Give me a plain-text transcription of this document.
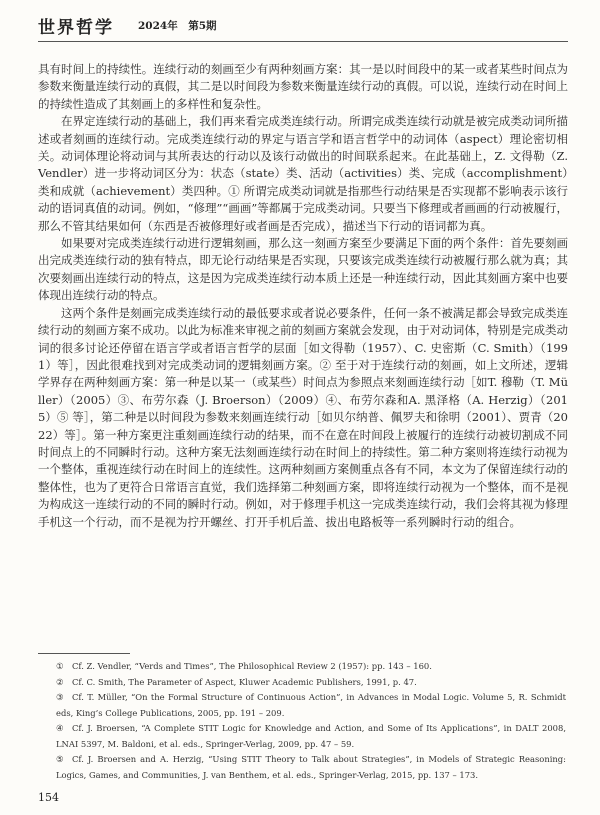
世界哲学 2024年　第5期

具有时间上的持续性。连续行动的刻画至少有两种刻画方案：其一是以时间段中的某一或者某些时间点为参数来衡量连续行动的真假，其二是以时间段为参数来衡量连续行动的真假。可以说，连续行动在时间上的持续性造成了其刻画上的多样性和复杂性。

在界定连续行动的基础上，我们再来看完成类连续行动。所谓完成类连续行动就是被完成类动词所描述或者刻画的连续行动。完成类连续行动的界定与语言学和语言哲学中的动词体（aspect）理论密切相关。动词体理论将动词与其所表达的行动以及该行动做出的时间联系起来。在此基础上，Z. 文得勒（Z. Vendler）进一步将动词区分为：状态（state）类、活动（activities）类、完成（accomplishment）类和成就（achievement）类四种。① 所谓完成类动词就是指那些行动结果是否实现都不影响表示该行动的语词真值的动词。例如，“修理”“画画”等都属于完成类动词。只要当下修理或者画画的行动被履行，那么不管其结果如何（东西是否被修理好或者画是否完成），描述当下行动的语词都为真。

如果要对完成类连续行动进行逻辑刻画，那么这一刻画方案至少要满足下面的两个条件：首先要刻画出完成类连续行动的独有特点，即无论行动结果是否实现，只要该完成类连续行动被履行那么就为真；其次要刻画出连续行动的特点，这是因为完成类连续行动本质上还是一种连续行动，因此其刻画方案中也要体现出连续行动的特点。

这两个条件是刻画完成类连续行动的最低要求或者说必要条件，任何一条不被满足都会导致完成类连续行动的刻画方案不成功。以此为标准来审视之前的刻画方案就会发现，由于对动词体，特别是完成类动词的很多讨论还停留在语言学或者语言哲学的层面［如文得勒（1957）、C. 史密斯（C. Smith）（1991）等］，因此很难找到对完成类动词的逻辑刻画方案。② 至于对于连续行动的刻画，如上文所述，逻辑学界存在两种刻画方案：第一种是以某一（或某些）时间点为参照点来刻画连续行动［如T. 穆勒（T. Müller）（2005）③、布劳尔森（J. Broerson）（2009）④、布劳尔森和A. 黑泽格（A. Herzig）（2015）⑤ 等］，第二种是以时间段为参数来刻画连续行动［如贝尔纳普、佩罗夫和徐明（2001）、贾青（2022）等］。第一种方案更注重刻画连续行动的结果，而不在意在时间段上被履行的连续行动被切割成不同时间点上的不同瞬时行动。这种方案无法刻画连续行动在时间上的持续性。第二种方案则将连续行动视为一个整体，重视连续行动在时间上的连续性。这两种刻画方案侧重点各有不同，本文为了保留连续行动的整体性，也为了更符合日常语言直觉，我们选择第二种刻画方案，即将连续行动视为一个整体，而不是视为构成这一连续行动的不同的瞬时行动。例如，对于修理手机这一完成类连续行动，我们会将其视为修理手机这一个行动，而不是视为拧开螺丝、打开手机后盖、拔出电路板等一系列瞬时行动的组合。

① Cf. Z. Vendler, “Verds and Times”, The Philosophical Review 2 (1957): pp. 143 – 160.

② Cf. C. Smith, The Parameter of Aspect, Kluwer Academic Publishers, 1991, p. 47.

③ Cf. T. Müller, “On the Formal Structure of Continuous Action”, in Advances in Modal Logic. Volume 5, R. Schmidt eds, King’s College Publications, 2005, pp. 191 – 209.

④ Cf. J. Broersen, “A Complete STIT Logic for Knowledge and Action, and Some of Its Applications”, in DALT 2008, LNAI 5397, M. Baldoni, et al. eds., Springer-Verlag, 2009, pp. 47 – 59.

⑤ Cf. J. Broersen and A. Herzig, “Using STIT Theory to Talk about Strategies”, in Models of Strategic Reasoning: Logics, Games, and Communities, J. van Benthem, et al. eds., Springer-Verlag, 2015, pp. 137 – 173.

154
